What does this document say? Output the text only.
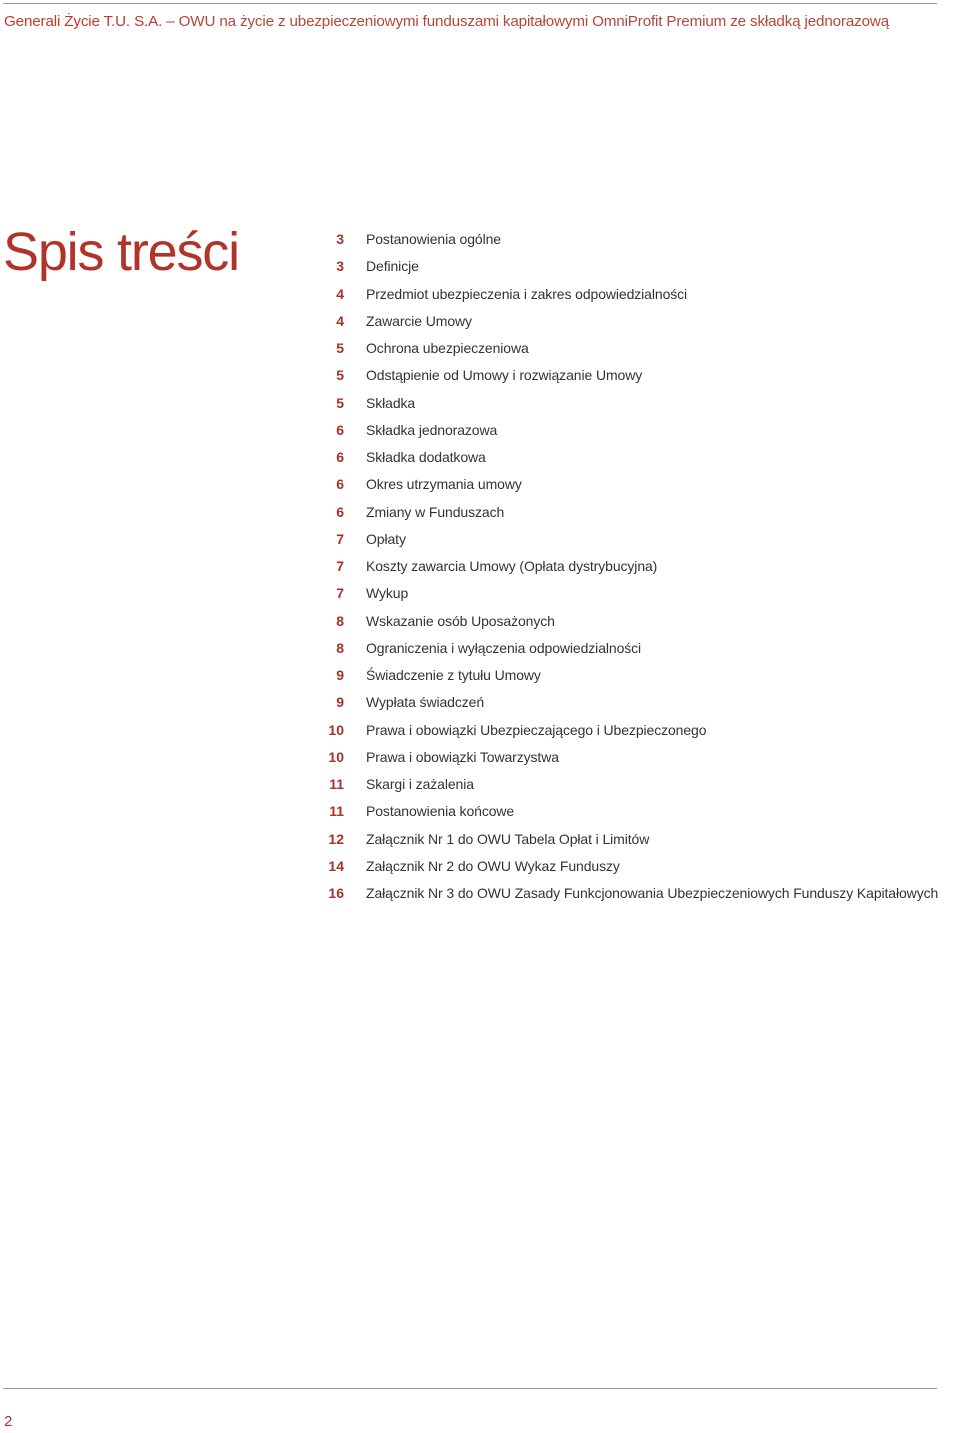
Generali Życie T.U. S.A. – OWU na życie z ubezpieczeniowymi funduszami kapitałowymi OmniProfit Premium ze składką jednorazową
Spis treści	3 Postanowienia ogólne
3 Definicje
4 Przedmiot ubezpieczenia i zakres odpowiedzialności
4 Zawarcie Umowy
5 Ochrona ubezpieczeniowa
5 Odstąpienie od Umowy i rozwiązanie Umowy
5 Składka
6 Składka jednorazowa
6 Składka dodatkowa
6 Okres utrzymania umowy
6 Zmiany w Funduszach
7 Opłaty
7 Koszty zawarcia Umowy (Opłata dystrybucyjna)
7 Wykup
8 Wskazanie osób Uposażonych
8 Ograniczenia i wyłączenia odpowiedzialności
9 Świadczenie z tytułu Umowy
9 Wypłata świadczeń
10 Prawa i obowiązki Ubezpieczającego i Ubezpieczonego
10 Prawa i obowiązki Towarzystwa
11 Skargi i zażalenia
11 Postanowienia końcowe
12 Załącznik Nr 1 do OWU Tabela Opłat i Limitów
14 Załącznik Nr 2 do OWU Wykaz Funduszy
16 Załącznik Nr 3 do OWU Zasady Funkcjonowania Ubezpieczeniowych Funduszy Kapitałowych
2
